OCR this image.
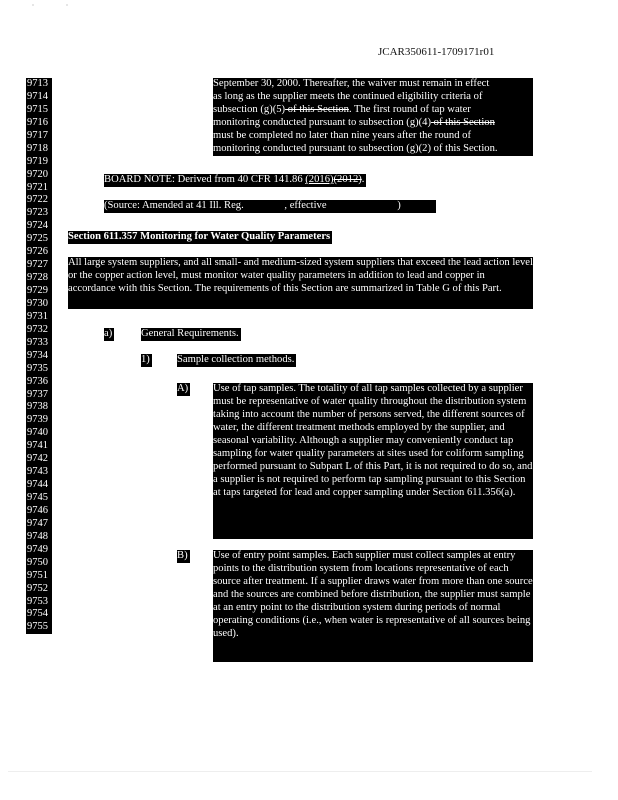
JCAR350611-1709171r01
9713
9714
9715
9716
9717
9718
9719
9720
9721
9722
9723
9724
9725
9726
9727
9728
9729
9730
9731
9732
9733
9734
9735
9736
9737
9738
9739
9740
9741
9742
9743
9744
9745
9746
9747
9748
9749
9750
9751
9752
9753
9754
9755
September 30, 2000. Thereafter, the waiver must remain in effect
as long as the supplier meets the continued eligibility criteria of
subsection (g)(5) of this Section. The first round of tap water
monitoring conducted pursuant to subsection (g)(4) of this Section
must be completed no later than nine years after the round of
monitoring conducted pursuant to subsection (g)(2) of this Section.
BOARD NOTE: Derived from 40 CFR 141.86 (2016)(2012).
(Source: Amended at 41 Ill. Reg.	, effective	)
Section 611.357 Monitoring for Water Quality Parameters
All large system suppliers, and all small- and medium-sized system suppliers that exceed the lead action level or the copper action level, must monitor water quality parameters in addition to lead and copper in accordance with this Section. The requirements of this Section are summarized in Table G of this Part.
a)	General Requirements.
1)	Sample collection methods.
A) Use of tap samples. The totality of all tap samples collected by a supplier must be representative of water quality throughout the distribution system taking into account the number of persons served, the different sources of water, the different treatment methods employed by the supplier, and seasonal variability. Although a supplier may conveniently conduct tap sampling for water quality parameters at sites used for coliform sampling performed pursuant to Subpart L of this Part, it is not required to do so, and a supplier is not required to perform tap sampling pursuant to this Section at taps targeted for lead and copper sampling under Section 611.356(a).
B) Use of entry point samples. Each supplier must collect samples at entry points to the distribution system from locations representative of each source after treatment. If a supplier draws water from more than one source and the sources are combined before distribution, the supplier must sample at an entry point to the distribution system during periods of normal operating conditions (i.e., when water is representative of all sources being used).
